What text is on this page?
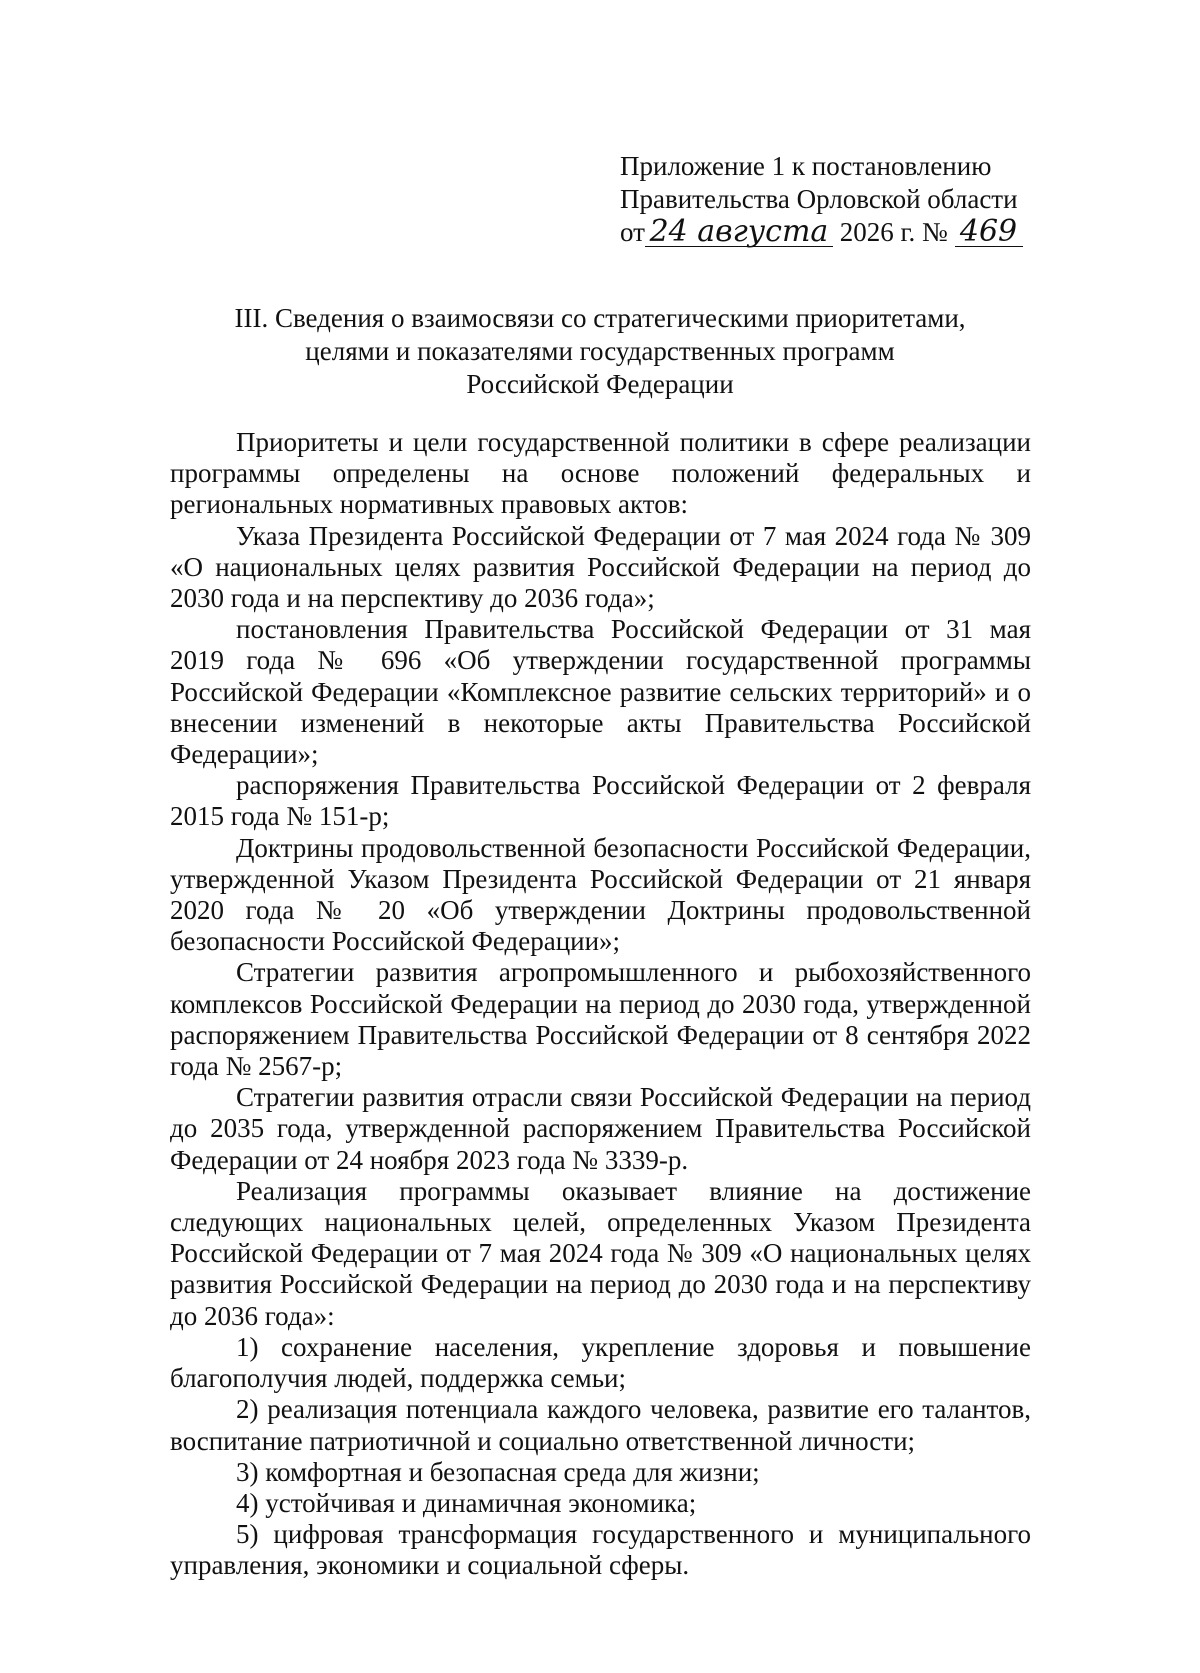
Приложение 1 к постановлению
Правительства Орловской области
от 24 августа 2026 г. № 469
III. Сведения о взаимосвязи со стратегическими приоритетами,
целями и показателями государственных программ
Российской Федерации

Приоритеты и цели государственной политики в сфере реализации программы определены на основе положений федеральных и региональных нормативных правовых актов:

Указа Президента Российской Федерации от 7 мая 2024 года № 309 «О национальных целях развития Российской Федерации на период до 2030 года и на перспективу до 2036 года»;

постановления Правительства Российской Федерации от 31 мая 2019 года № 696 «Об утверждении государственной программы Российской Федерации «Комплексное развитие сельских территорий» и о внесении изменений в некоторые акты Правительства Российской Федерации»;

распоряжения Правительства Российской Федерации от 2 февраля 2015 года № 151-р;

Доктрины продовольственной безопасности Российской Федерации, утвержденной Указом Президента Российской Федерации от 21 января 2020 года № 20 «Об утверждении Доктрины продовольственной безопасности Российской Федерации»;

Стратегии развития агропромышленного и рыбохозяйственного комплексов Российской Федерации на период до 2030 года, утвержденной распоряжением Правительства Российской Федерации от 8 сентября 2022 года № 2567-р;

Стратегии развития отрасли связи Российской Федерации на период до 2035 года, утвержденной распоряжением Правительства Российской Федерации от 24 ноября 2023 года № 3339-р.

Реализация программы оказывает влияние на достижение следующих национальных целей, определенных Указом Президента Российской Федерации от 7 мая 2024 года № 309 «О национальных целях развития Российской Федерации на период до 2030 года и на перспективу до 2036 года»:

1) сохранение населения, укрепление здоровья и повышение благополучия людей, поддержка семьи;

2) реализация потенциала каждого человека, развитие его талантов, воспитание патриотичной и социально ответственной личности;

3) комфортная и безопасная среда для жизни;

4) устойчивая и динамичная экономика;

5) цифровая трансформация государственного и муниципального управления, экономики и социальной сферы.
